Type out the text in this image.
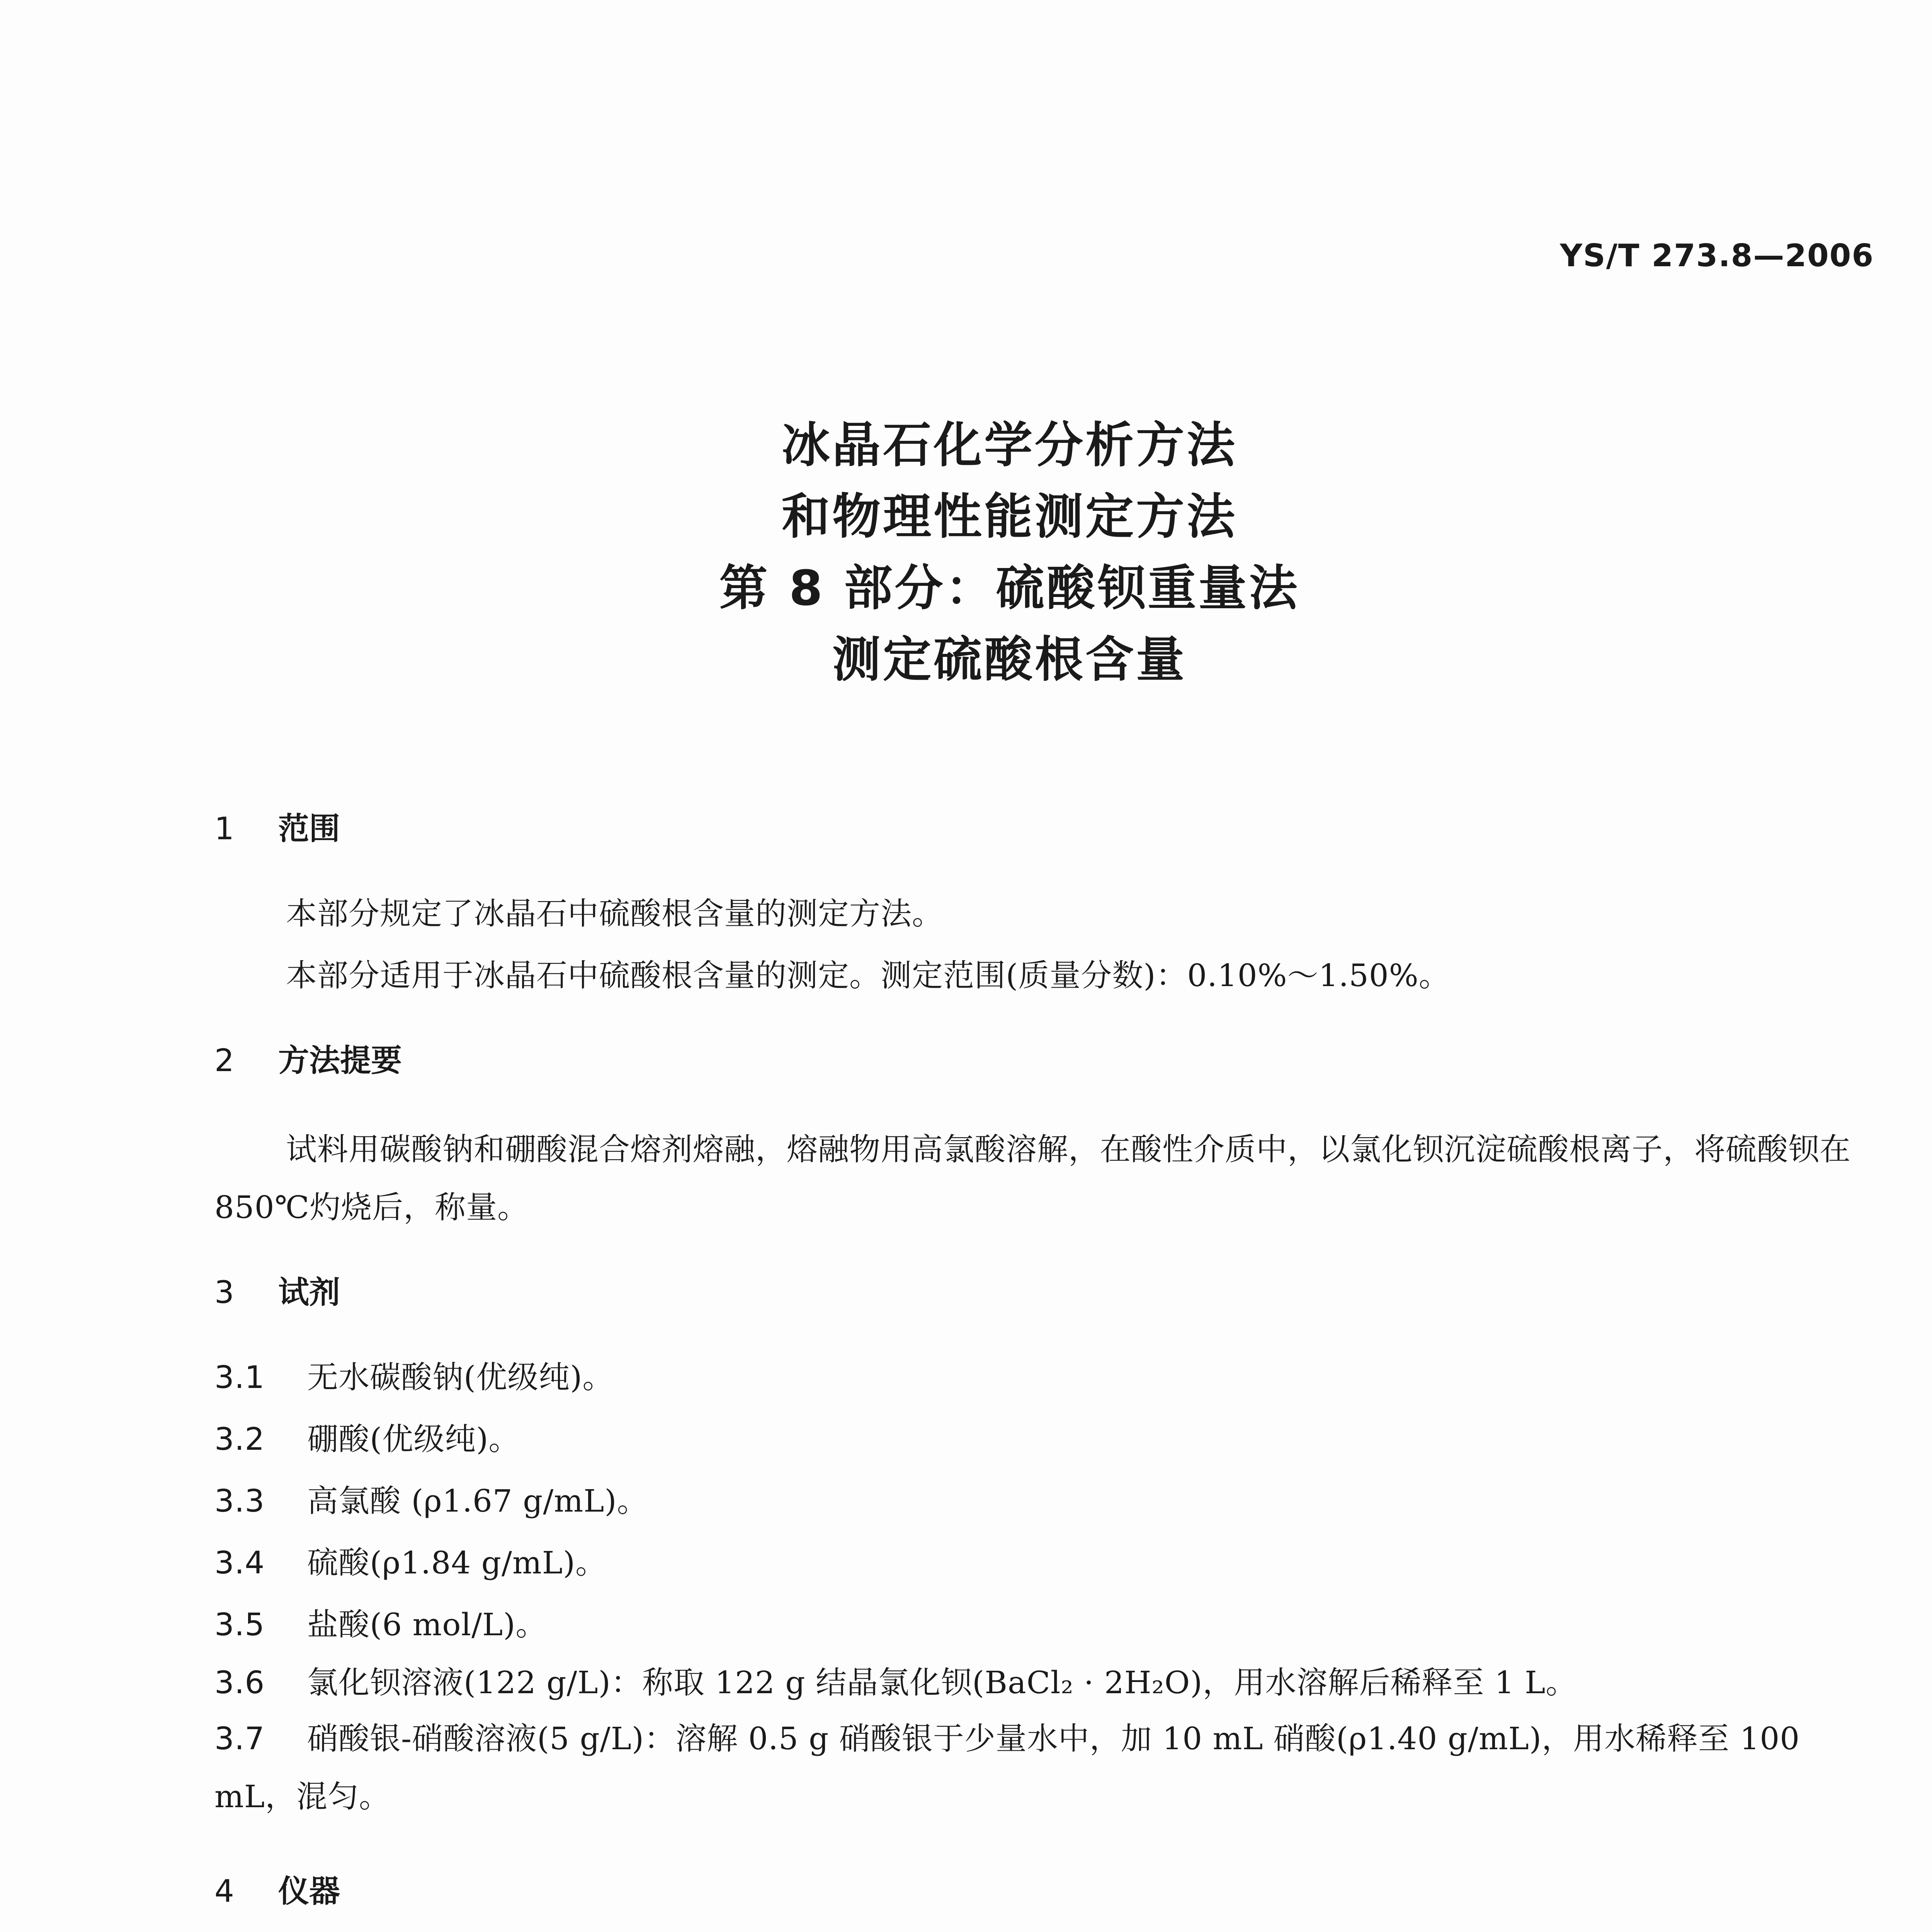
YS/T 273.8—2006
冰晶石化学分析方法
和物理性能测定方法
第 8 部分：硫酸钡重量法
测定硫酸根含量
1 范围
本部分规定了冰晶石中硫酸根含量的测定方法。
本部分适用于冰晶石中硫酸根含量的测定。测定范围(质量分数)：0.10%～1.50%。
2 方法提要
试料用碳酸钠和硼酸混合熔剂熔融，熔融物用高氯酸溶解，在酸性介质中，以氯化钡沉淀硫酸根离子，将硫酸钡在 850℃灼烧后，称量。
3 试剂
3.1 无水碳酸钠(优级纯)。
3.2 硼酸(优级纯)。
3.3 高氯酸 (ρ1.67 g/mL)。
3.4 硫酸(ρ1.84 g/mL)。
3.5 盐酸(6 mol/L)。
3.6 氯化钡溶液(122 g/L)：称取 122 g 结晶氯化钡(BaCl₂ · 2H₂O)，用水溶解后稀释至 1 L。
3.7 硝酸银-硝酸溶液(5 g/L)：溶解 0.5 g 硝酸银于少量水中，加 10 mL 硝酸(ρ1.40 g/mL)，用水稀释至 100 mL，混匀。
4 仪器
